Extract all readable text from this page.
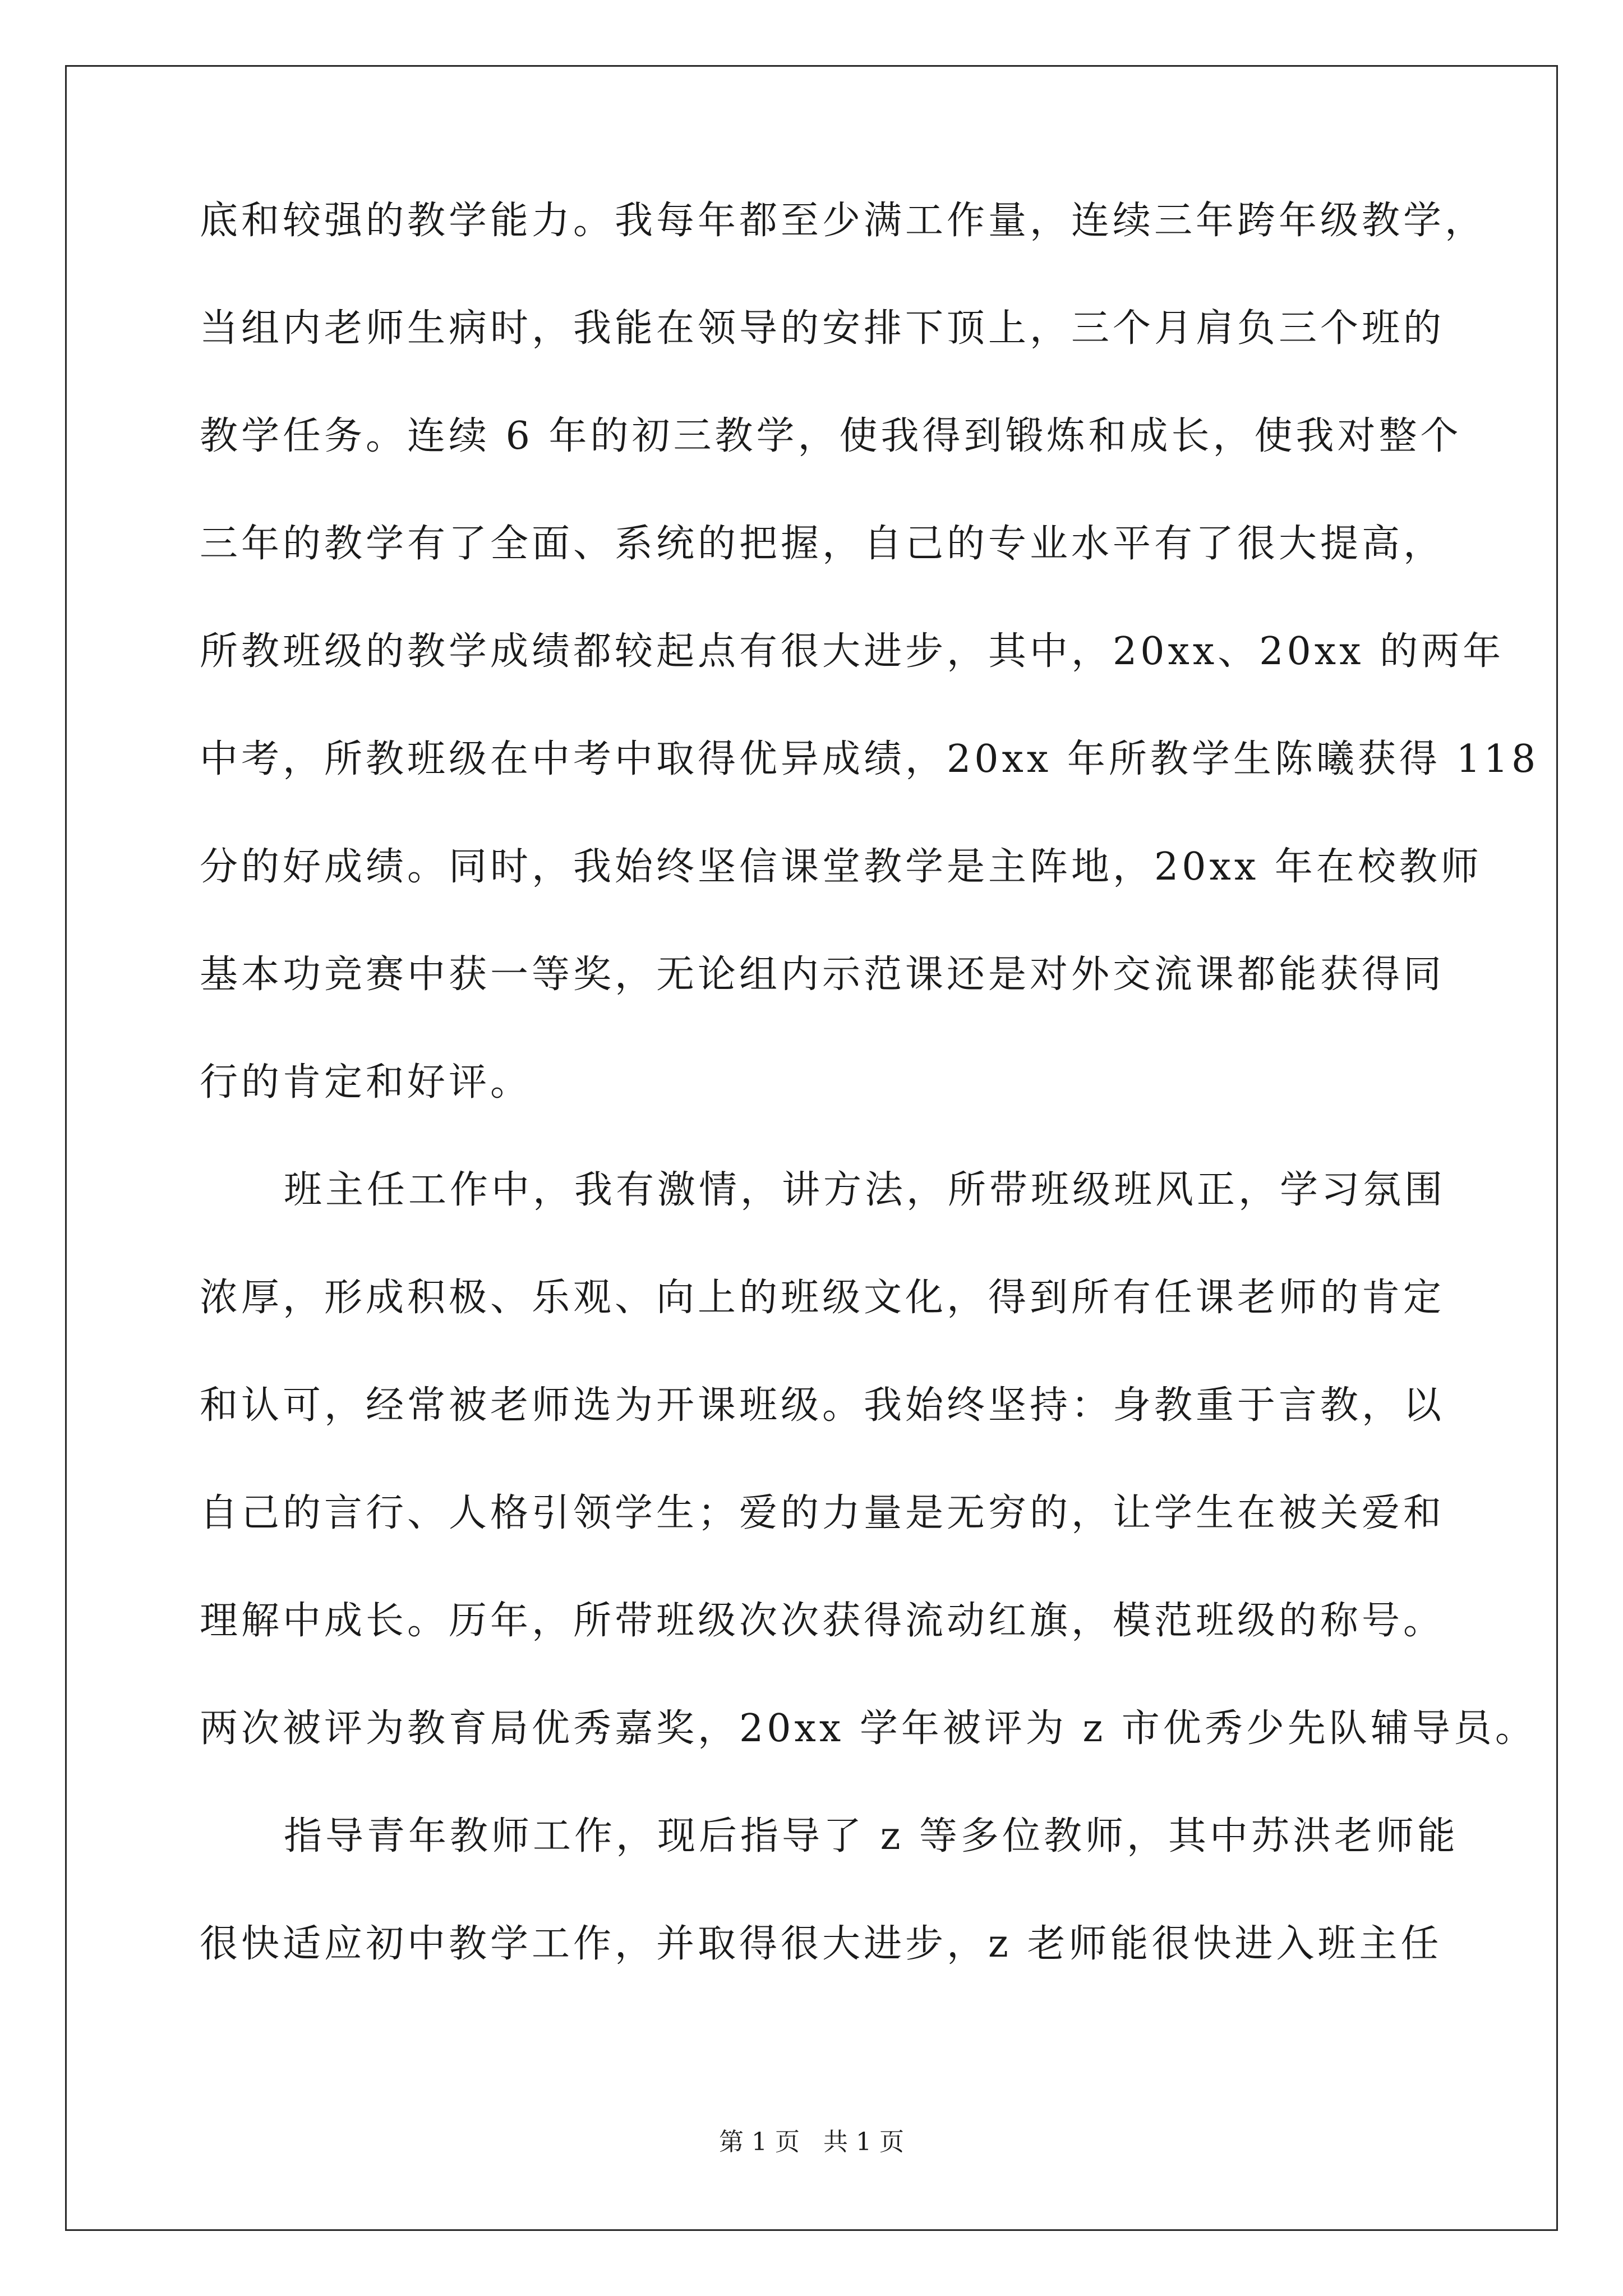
底和较强的教学能力。我每年都至少满工作量，连续三年跨年级教学，
当组内老师生病时，我能在领导的安排下顶上，三个月肩负三个班的
教学任务。连续 6 年的初三教学，使我得到锻炼和成长，使我对整个
三年的教学有了全面、系统的把握，自己的专业水平有了很大提高，
所教班级的教学成绩都较起点有很大进步，其中，20xx、20xx 的两年
中考，所教班级在中考中取得优异成绩，20xx 年所教学生陈曦获得 118
分的好成绩。同时，我始终坚信课堂教学是主阵地，20xx 年在校教师
基本功竞赛中获一等奖，无论组内示范课还是对外交流课都能获得同
行的肯定和好评。
班主任工作中，我有激情，讲方法，所带班级班风正，学习氛围
浓厚，形成积极、乐观、向上的班级文化，得到所有任课老师的肯定
和认可，经常被老师选为开课班级。我始终坚持：身教重于言教，以
自己的言行、人格引领学生；爱的力量是无穷的，让学生在被关爱和
理解中成长。历年，所带班级次次获得流动红旗，模范班级的称号。
两次被评为教育局优秀嘉奖，20xx 学年被评为 z 市优秀少先队辅导员。
指导青年教师工作，现后指导了 z 等多位教师，其中苏洪老师能
很快适应初中教学工作，并取得很大进步，z 老师能很快进入班主任
第 1 页   共 1 页
